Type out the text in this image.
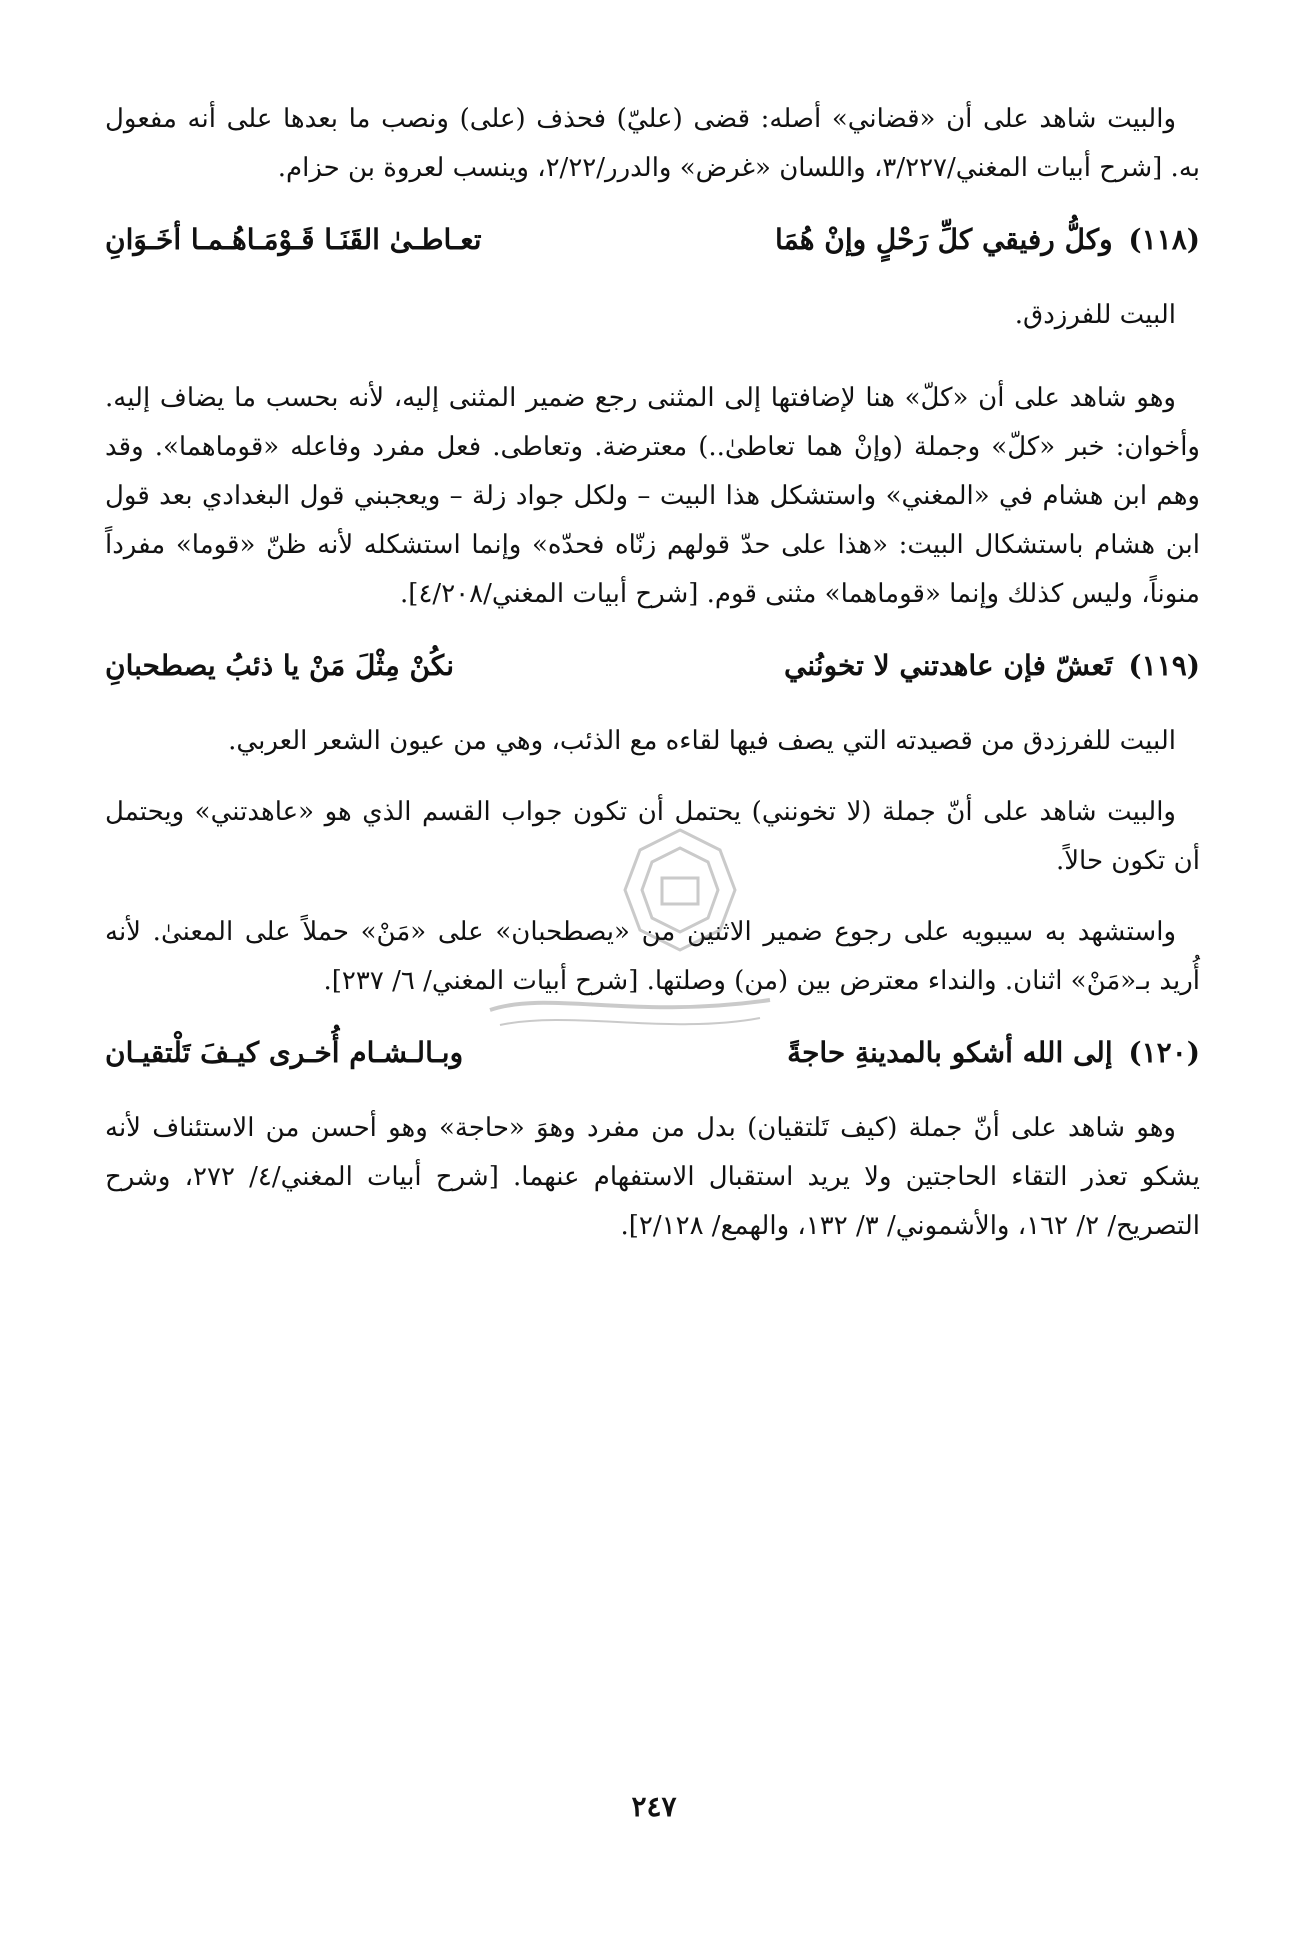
والبيت شاهد على أن «قضاني» أصله: قضى (عليّ) فحذف (على) ونصب ما بعدها على أنه مفعول به. [شرح أبيات المغني/٣/٢٢٧، واللسان «غرض» والدرر/٢/٢٢، وينسب لعروة بن حزام.

(١١٨) وكلُّ رفيقي كلِّ رَحْلٍ وإنْ هُمَا
تعـاطـىٰ القَنَـا قَـوْمَـاهُـمـا أخَـوَانِ

البيت للفرزدق.

وهو شاهد على أن «كلّ» هنا لإضافتها إلى المثنى رجع ضمير المثنى إليه، لأنه بحسب ما يضاف إليه. وأخوان: خبر «كلّ» وجملة (وإنْ هما تعاطىٰ..) معترضة. وتعاطى. فعل مفرد وفاعله «قوماهما». وقد وهم ابن هشام في «المغني» واستشكل هذا البيت – ولكل جواد زلة – ويعجبني قول البغدادي بعد قول ابن هشام باستشكال البيت: «هذا على حدّ قولهم زنّاه فحدّه» وإنما استشكله لأنه ظنّ «قوما» مفرداً منوناً، وليس كذلك وإنما «قوماهما» مثنى قوم. [شرح أبيات المغني/٤/٢٠٨].

(١١٩) تَعشّ فإن عاهدتني لا تخونُني
نكُنْ مِثْلَ مَنْ يا ذئبُ يصطحبانِ

البيت للفرزدق من قصيدته التي يصف فيها لقاءه مع الذئب، وهي من عيون الشعر العربي.

والبيت شاهد على أنّ جملة (لا تخونني) يحتمل أن تكون جواب القسم الذي هو «عاهدتني» ويحتمل أن تكون حالاً.

واستشهد به سيبويه على رجوع ضمير الاثنين من «يصطحبان» على «مَنْ» حملاً على المعنىٰ. لأنه أُريد بـ«مَنْ» اثنان. والنداء معترض بين (من) وصلتها. [شرح أبيات المغني/ ٦/ ٢٣٧].

(١٢٠) إلى الله أشكو بالمدينةِ حاجةً
وبـالـشـام أُخـرى كيـفَ تَلْتقيـان

وهو شاهد على أنّ جملة (كيف تَلتقيان) بدل من مفرد وهوَ «حاجة» وهو أحسن من الاستئناف لأنه يشكو تعذر التقاء الحاجتين ولا يريد استقبال الاستفهام عنهما. [شرح أبيات المغني/٤/ ٢٧٢، وشرح التصريح/ ٢/ ١٦٢، والأشموني/ ٣/ ١٣٢، والهمع/ ٢/١٢٨].

٢٤٧
